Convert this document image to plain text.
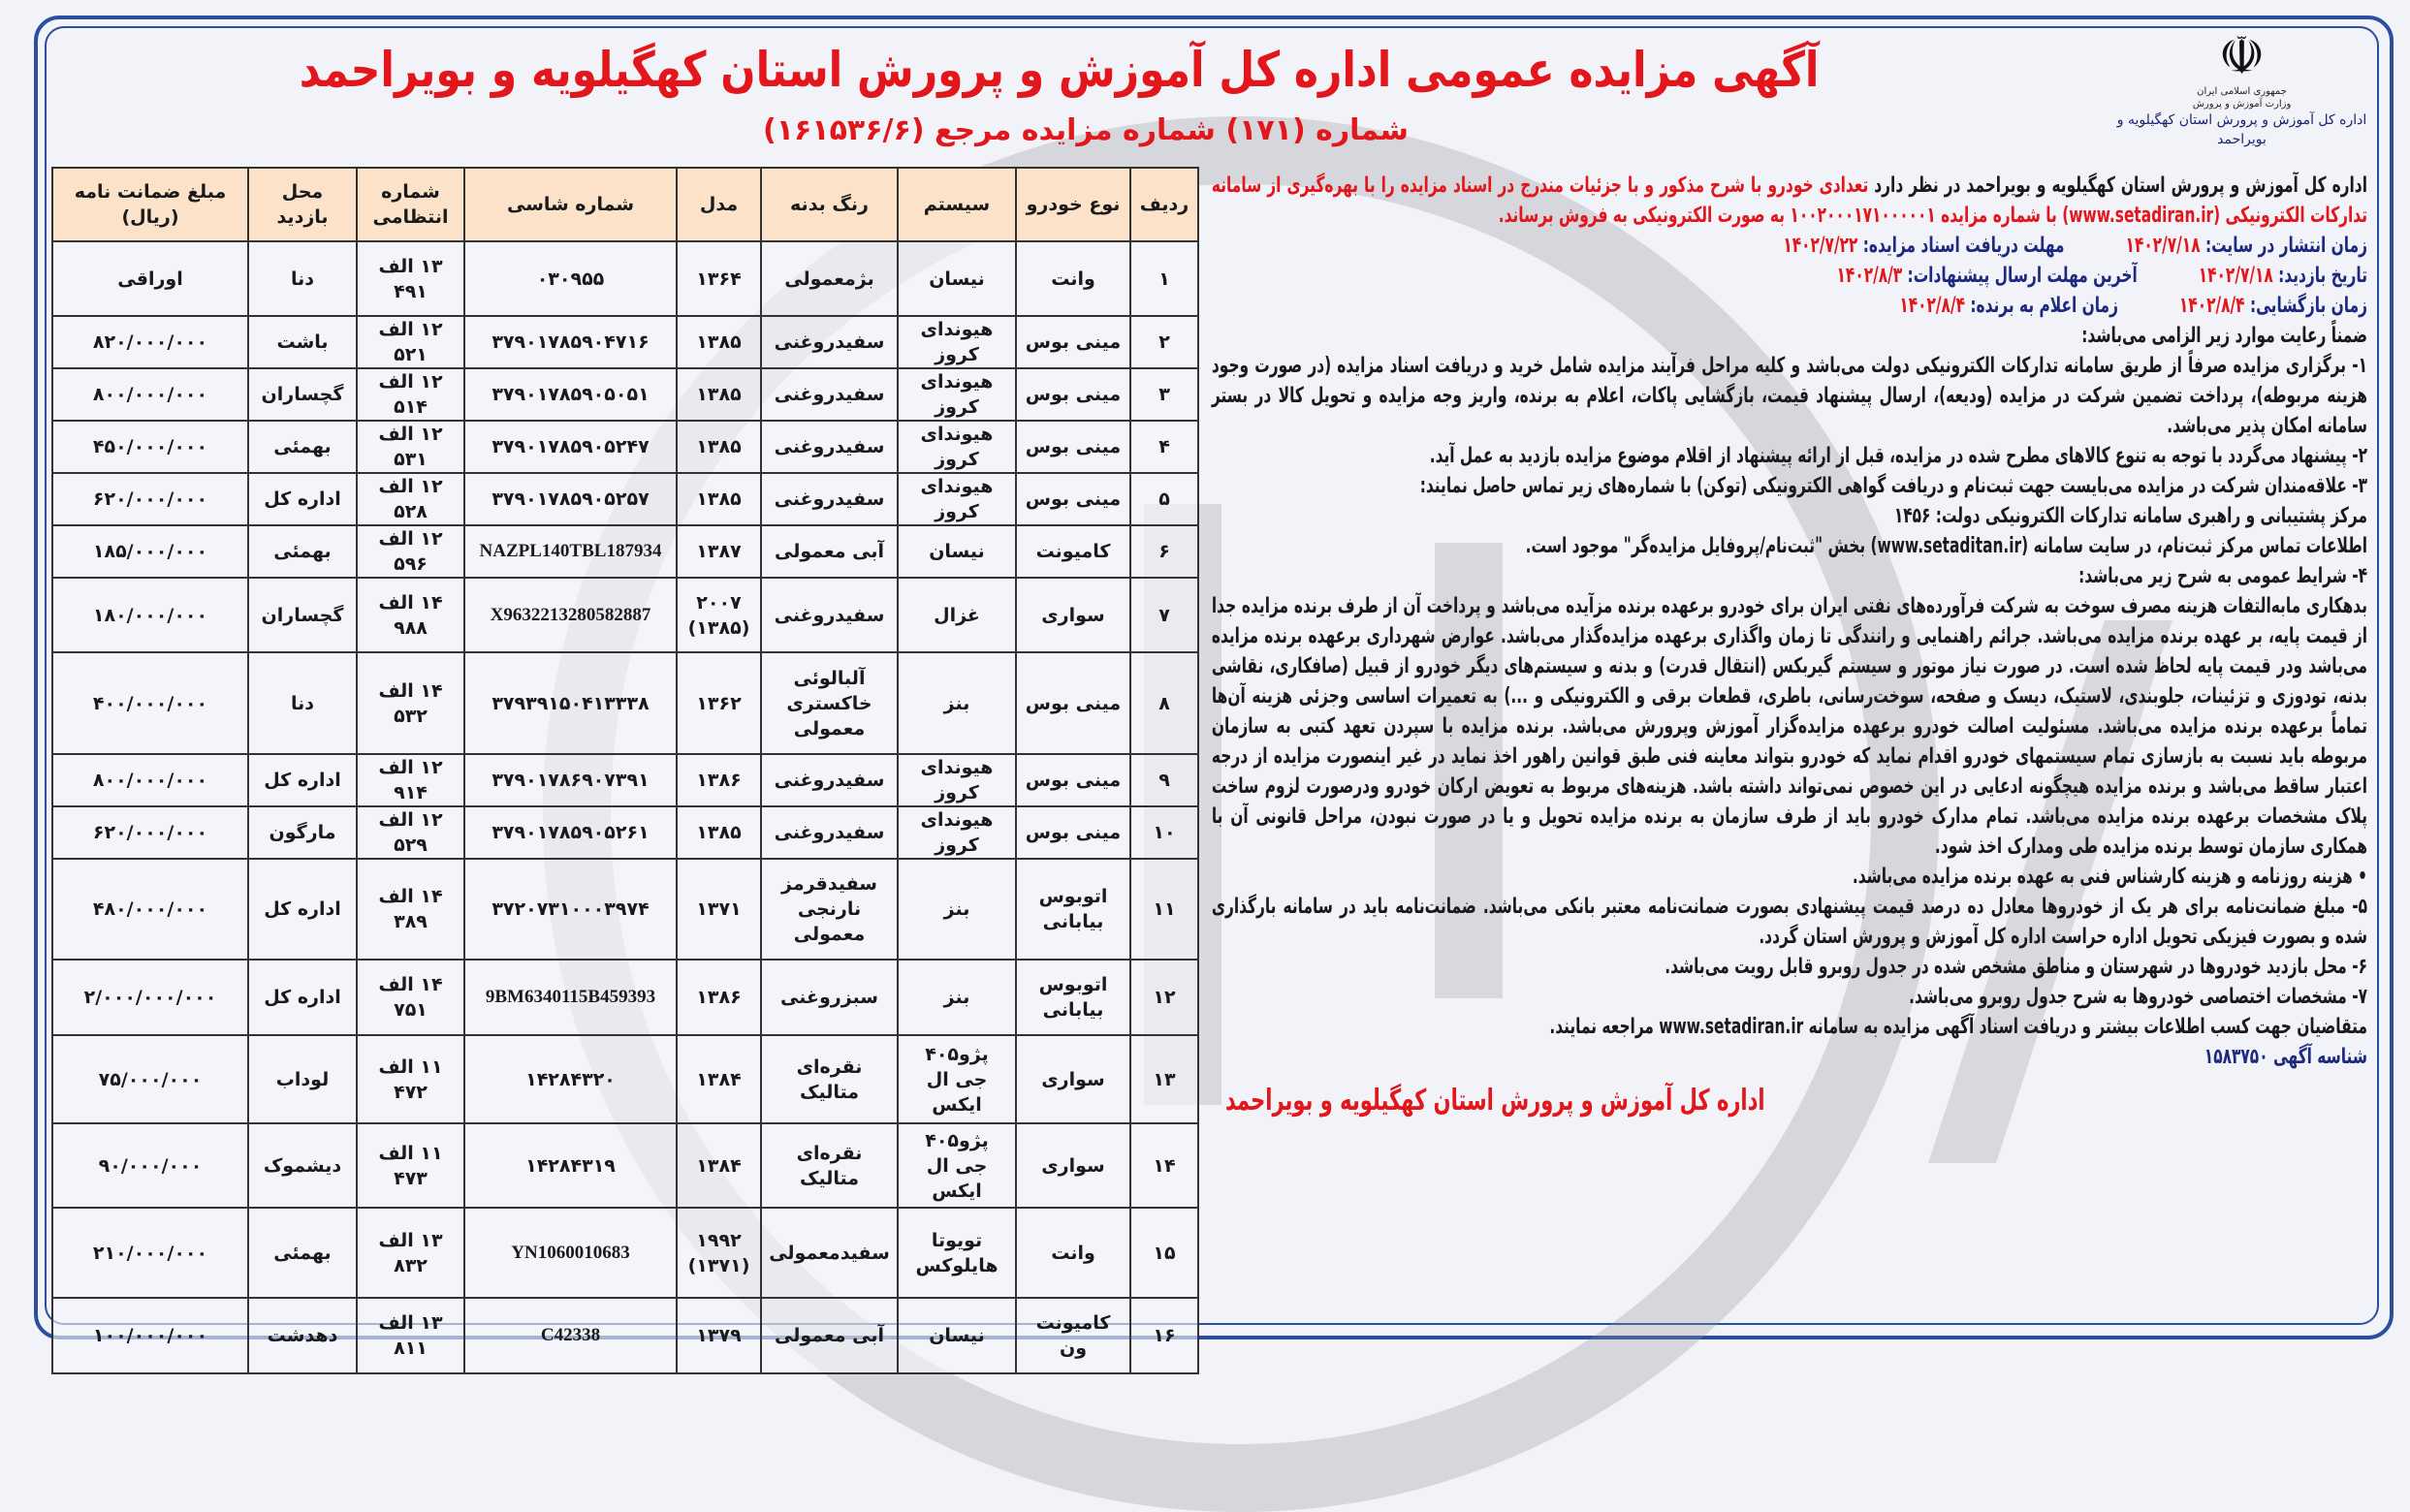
آگهی مزایده عمومی اداره کل آموزش و پرورش استان کهگیلویه و بویراحمد
شماره (۱۷۱) شماره مزایده مرجع (۱۶۱۵۳۶/۶)
☫
جمهوری اسلامی ایران
وزارت آموزش و پرورش
اداره کل آموزش و پرورش استان کهگیلویه و بویراحمد
ردیف	نوع خودرو	سیستم	رنگ بدنه	مدل	شماره شاسی	شماره
انتظامی	محل بازدید	مبلغ ضمانت نامه (ریال)
۱	وانت	نیسان	بژمعمولی	۱۳۶۴	۰۳۰۹۵۵	۱۳ الف ۴۹۱	دنا	اوراقی
۲	مینی بوس	هیوندای کروز	سفیدروغنی	۱۳۸۵	۳۷۹۰۱۷۸۵۹۰۴۷۱۶	۱۲ الف ۵۲۱	باشت	۸۲۰/۰۰۰/۰۰۰
۳	مینی بوس	هیوندای کروز	سفیدروغنی	۱۳۸۵	۳۷۹۰۱۷۸۵۹۰۵۰۵۱	۱۲ الف ۵۱۴	گچساران	۸۰۰/۰۰۰/۰۰۰
۴	مینی بوس	هیوندای کروز	سفیدروغنی	۱۳۸۵	۳۷۹۰۱۷۸۵۹۰۵۲۴۷	۱۲ الف ۵۳۱	بهمئی	۴۵۰/۰۰۰/۰۰۰
۵	مینی بوس	هیوندای کروز	سفیدروغنی	۱۳۸۵	۳۷۹۰۱۷۸۵۹۰۵۲۵۷	۱۲ الف ۵۲۸	اداره کل	۶۲۰/۰۰۰/۰۰۰
۶	کامیونت	نیسان	آبی معمولی	۱۳۸۷	NAZPL140TBL187934	۱۲ الف ۵۹۶	بهمئی	۱۸۵/۰۰۰/۰۰۰
۷	سواری	غزال	سفیدروغنی	۲۰۰۷
(۱۳۸۵)	X9632213280582887	۱۴ الف ۹۸۸	گچساران	۱۸۰/۰۰۰/۰۰۰
۸	مینی بوس	بنز	آلبالوئی
خاکستری
معمولی	۱۳۶۲	۳۷۹۳۹۱۵۰۴۱۳۳۳۸	۱۴ الف ۵۳۲	دنا	۴۰۰/۰۰۰/۰۰۰
۹	مینی بوس	هیوندای کروز	سفیدروغنی	۱۳۸۶	۳۷۹۰۱۷۸۶۹۰۷۳۹۱	۱۲ الف ۹۱۴	اداره کل	۸۰۰/۰۰۰/۰۰۰
۱۰	مینی بوس	هیوندای کروز	سفیدروغنی	۱۳۸۵	۳۷۹۰۱۷۸۵۹۰۵۲۶۱	۱۲ الف ۵۲۹	مارگون	۶۲۰/۰۰۰/۰۰۰
۱۱	اتوبوس
بیابانی	بنز	سفیدقرمز
نارنجی
معمولی	۱۳۷۱	۳۷۲۰۷۳۱۰۰۰۳۹۷۴	۱۴ الف ۳۸۹	اداره کل	۴۸۰/۰۰۰/۰۰۰
۱۲	اتوبوس
بیابانی	بنز	سبزروغنی	۱۳۸۶	9BM6340115B459393	۱۴ الف ۷۵۱	اداره کل	۲/۰۰۰/۰۰۰/۰۰۰
۱۳	سواری	پژو۴۰۵
جی ال ایکس	نقره‌ای
متالیک	۱۳۸۴	۱۴۲۸۴۳۲۰	۱۱ الف ۴۷۲	لوداب	۷۵/۰۰۰/۰۰۰
۱۴	سواری	پژو۴۰۵
جی ال ایکس	نقره‌ای
متالیک	۱۳۸۴	۱۴۲۸۴۳۱۹	۱۱ الف ۴۷۳	دیشموک	۹۰/۰۰۰/۰۰۰
۱۵	وانت	تویوتا
هایلوکس	سفیدمعمولی	۱۹۹۲
(۱۳۷۱)	YN1060010683	۱۳ الف ۸۳۲	بهمئی	۲۱۰/۰۰۰/۰۰۰
۱۶	کامیونت ون	نیسان	آبی معمولی	۱۳۷۹	C42338	۱۳ الف ۸۱۱	دهدشت	۱۰۰/۰۰۰/۰۰۰

اداره کل آموزش و پرورش استان کهگیلویه و بویراحمد در نظر دارد تعدادی خودرو با شرح مذکور و با جزئیات مندرج در اسناد مزایده را با بهره‌گیری از سامانه تدارکات الکترونیکی (www.setadiran.ir) با شماره مزایده ۱۰۰۲۰۰۰۱۷۱۰۰۰۰۰۱ به صورت الکترونیکی به فروش برساند.

زمان انتشار در سایت: ۱۴۰۲/۷/۱۸مهلت دریافت اسناد مزایده: ۱۴۰۲/۷/۲۲

تاریخ بازدید: ۱۴۰۲/۷/۱۸آخرین مهلت ارسال پیشنهادات: ۱۴۰۲/۸/۳

زمان بازگشایی: ۱۴۰۲/۸/۴زمان اعلام به برنده: ۱۴۰۲/۸/۴

ضمناً رعایت موارد زیر الزامی می‌باشد:

۱- برگزاری مزایده صرفاً از طریق سامانه تدارکات الکترونیکی دولت می‌باشد و کلیه مراحل فرآیند مزایده شامل خرید و دریافت اسناد مزایده (در صورت وجود هزینه مربوطه)، پرداخت تضمین شرکت در مزایده (ودیعه)، ارسال پیشنهاد قیمت، بازگشایی پاکات، اعلام به برنده، واریز وجه مزایده و تحویل کالا در بستر سامانه امکان پذیر می‌باشد.

۲- پیشنهاد می‌گردد با توجه به تنوع کالاهای مطرح شده در مزایده، قبل از ارائه پیشنهاد از اقلام موضوع مزایده بازدید به عمل آید.

۳- علاقه‌مندان شرکت در مزایده می‌بایست جهت ثبت‌نام و دریافت گواهی الکترونیکی (توکن) با شماره‌های زیر تماس حاصل نمایند:

مرکز پشتیبانی و راهبری سامانه تدارکات الکترونیکی دولت: ۱۴۵۶

اطلاعات تماس مرکز ثبت‌نام، در سایت سامانه (www.setaditan.ir) بخش "ثبت‌نام/پروفایل مزایده‌گر" موجود است.

۴- شرایط عمومی به شرح زیر می‌باشد:

بدهکاری مابه‌التفات هزینه مصرف سوخت به شرکت فرآورده‌های نفتی ایران برای خودرو برعهده برنده مزآیده می‌باشد و پرداخت آن از طرف برنده مزایده جدا از قیمت پایه، بر عهده برنده مزایده می‌باشد. جرائم راهنمایی و رانندگی تا زمان واگذاری برعهده مزایده‌گذار می‌باشد. عوارض شهرداری برعهده برنده مزایده می‌باشد ودر قیمت پایه لحاظ شده است. در صورت نیاز موتور و سیستم گیربکس (انتقال قدرت) و بدنه و سیستم‌های دیگر خودرو از قبیل (صافکاری، نقاشی بدنه، تودوزی و تزئینات، جلوبندی، لاستیک، دیسک و صفحه، سوخت‌رسانی، باطری، قطعات برقی و الکترونیکی و ...) به تعمیرات اساسی وجزئی هزینه آن‌ها تماماً برعهده برنده مزایده می‌باشد. مسئولیت اصالت خودرو برعهده مزایده‌گزار آموزش وپرورش می‌باشد. برنده مزایده با سپردن تعهد کتبی به سازمان مربوطه باید نسبت به بازسازی تمام سیستمهای خودرو اقدام نماید که خودرو بتواند معاینه فنی طبق قوانین راهور اخذ نماید در غیر اینصورت مزایده از درجه اعتبار ساقط می‌باشد و برنده مزایده هیچگونه ادعایی در این خصوص نمی‌تواند داشته باشد. هزینه‌های مربوط به تعویض ارکان خودرو ودرصورت لزوم ساخت پلاک مشخصات برعهده برنده مزایده می‌باشد. تمام مدارک خودرو باید از طرف سازمان به برنده مزایده تحویل و یا در صورت نبودن، مراحل قانونی آن با همکاری سازمان توسط برنده مزایده طی ومدارک اخذ شود.

• هزینه روزنامه و هزینه کارشناس فنی به عهده برنده مزایده می‌باشد.

۵- مبلغ ضمانت‌نامه برای هر یک از خودروها معادل ده درصد قیمت پیشنهادی بصورت ضمانت‌نامه معتبر بانکی می‌باشد. ضمانت‌نامه باید در سامانه بارگذاری شده و بصورت فیزیکی تحویل اداره حراست اداره کل آموزش و پرورش استان گردد.

۶- محل بازدید خودروها در شهرستان و مناطق مشخص شده در جدول روبرو قابل رویت می‌باشد.

۷- مشخصات اختصاصی خودروها به شرح جدول روبرو می‌باشد.

متقاضیان جهت کسب اطلاعات بیشتر و دریافت اسناد آگهی مزایده به سامانه www.setadiran.ir مراجعه نمایند.

شناسه آگهی ۱۵۸۳۷۵۰

اداره کل آموزش و پرورش استان کهگیلویه و بویراحمد
